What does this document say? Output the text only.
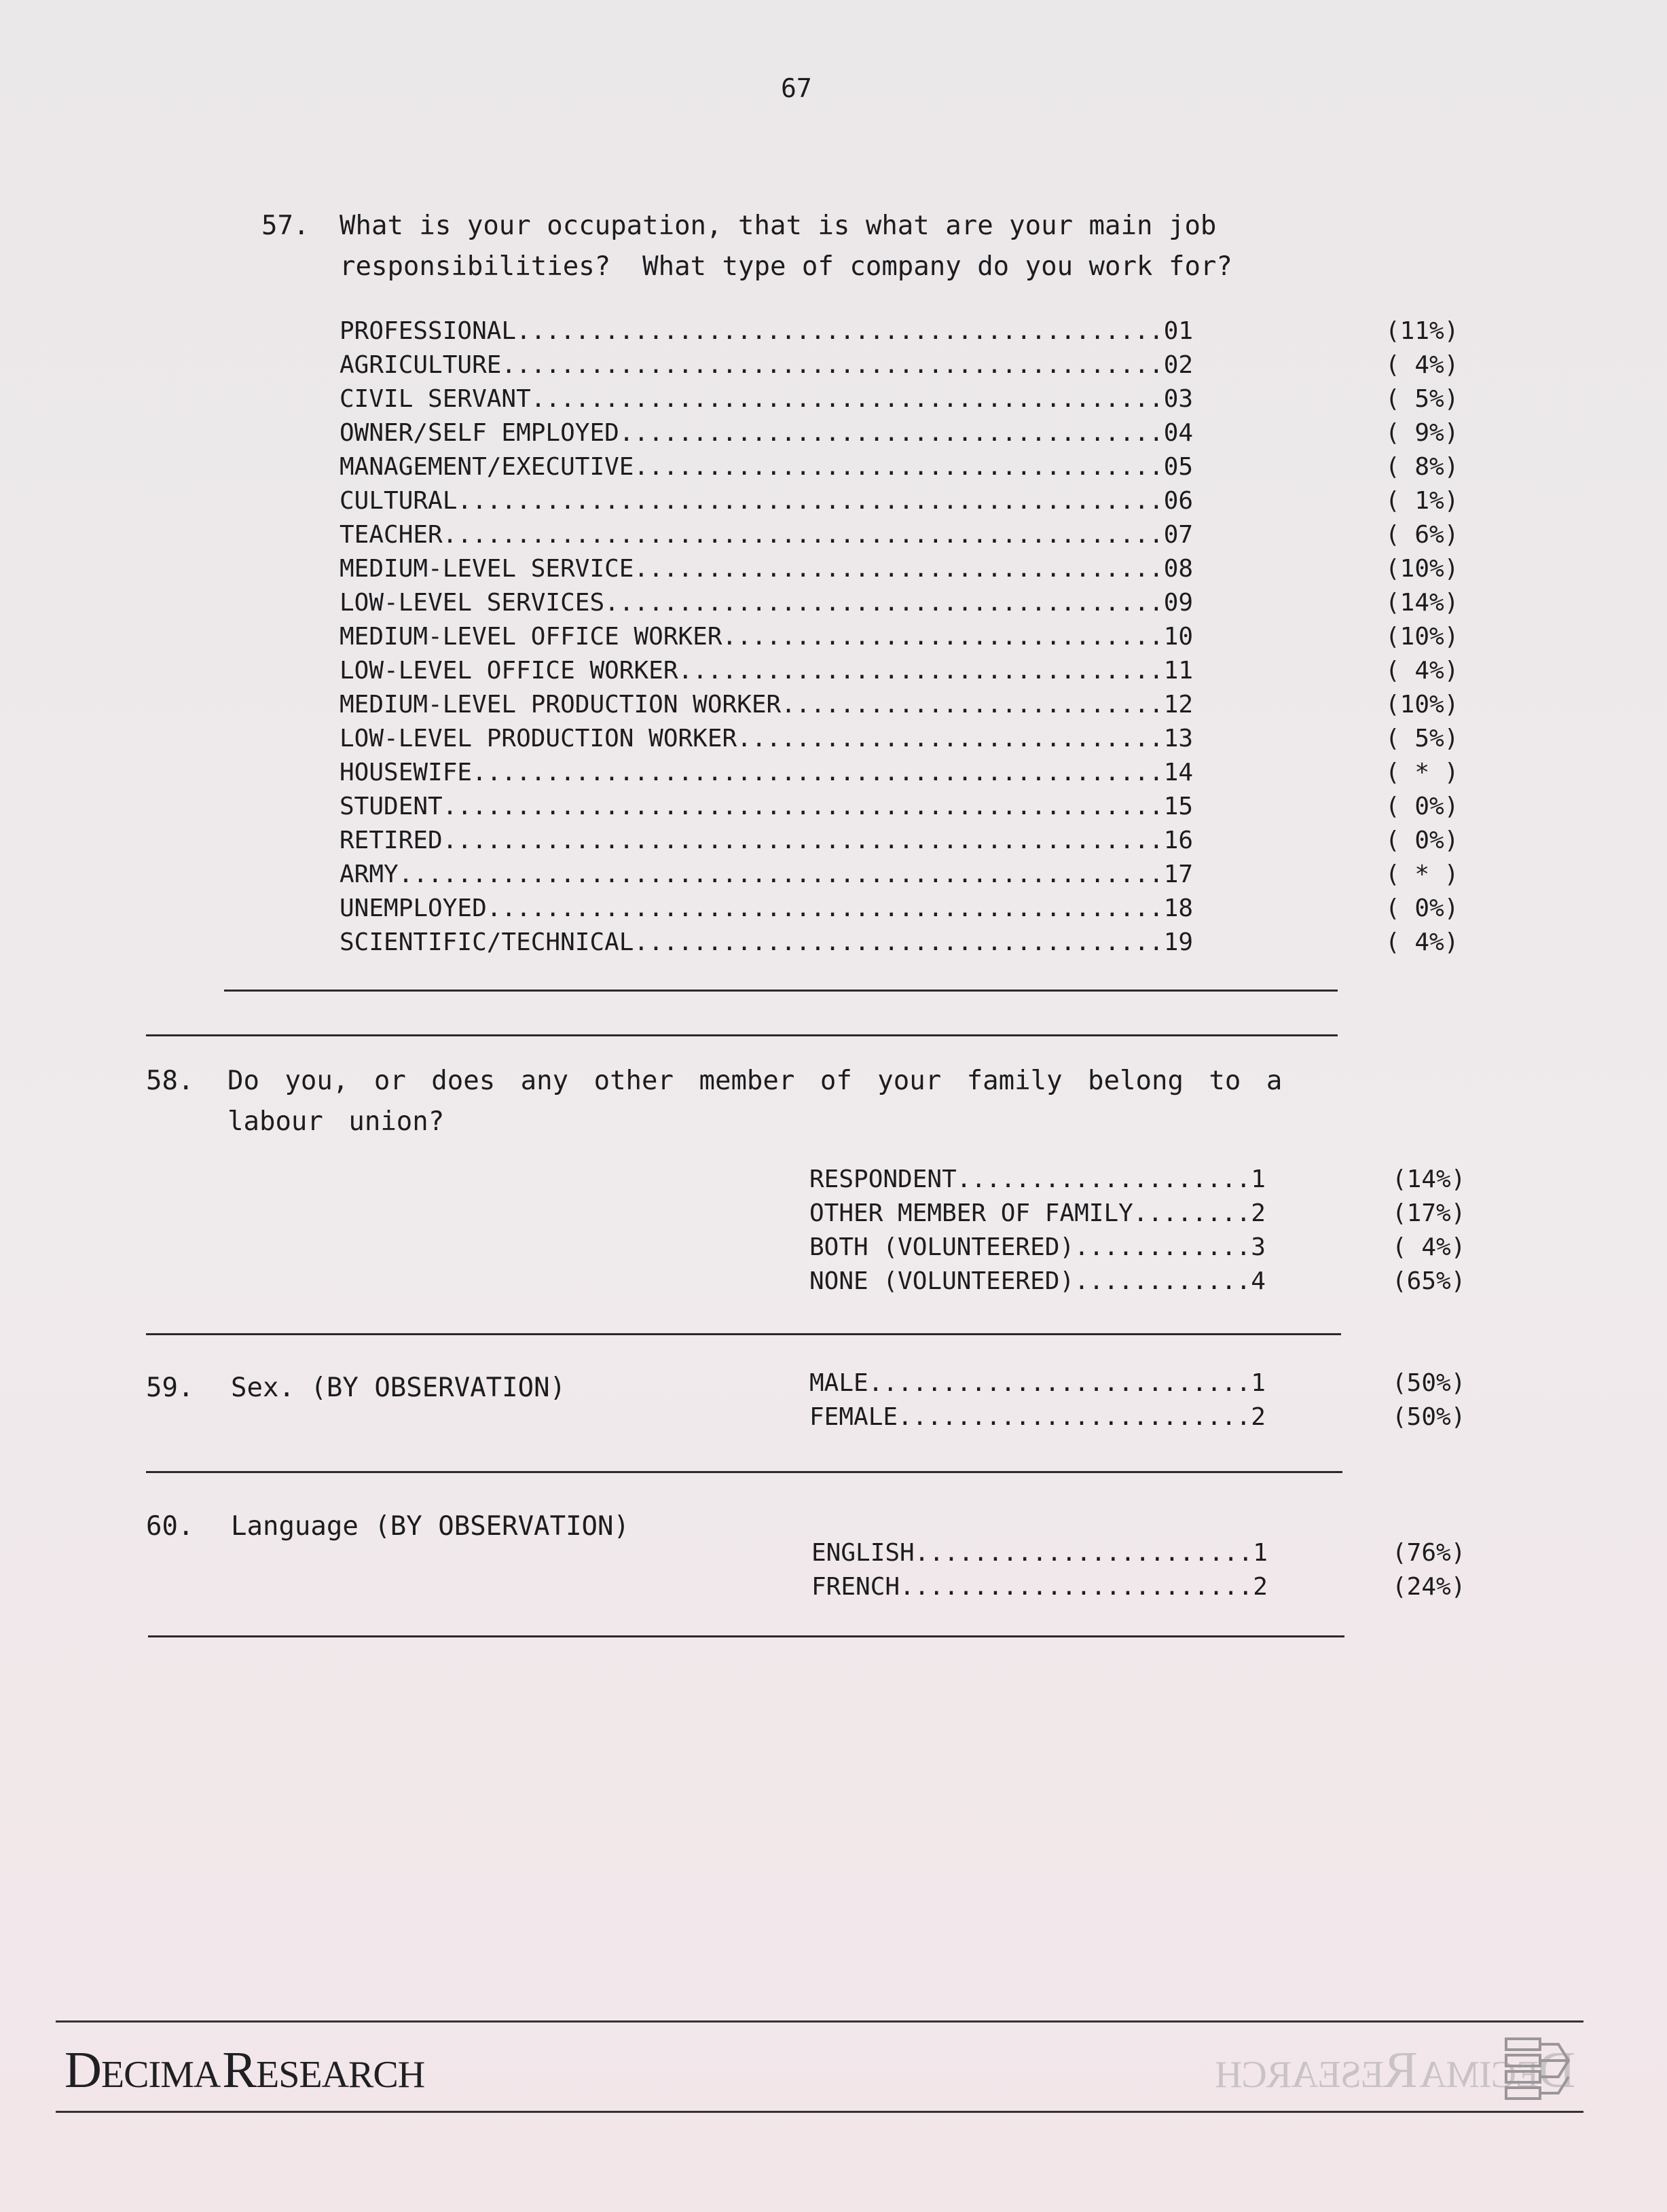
67
57. What is your occupation, that is what are your main job
responsibilities?  What type of company do you work for?
PROFESSIONAL............................................01	(11%)
AGRICULTURE.............................................02	( 4%)
CIVIL SERVANT...........................................03	( 5%)
OWNER/SELF EMPLOYED.....................................04	( 9%)
MANAGEMENT/EXECUTIVE....................................05	( 8%)
CULTURAL................................................06	( 1%)
TEACHER.................................................07	( 6%)
MEDIUM-LEVEL SERVICE....................................08	(10%)
LOW-LEVEL SERVICES......................................09	(14%)
MEDIUM-LEVEL OFFICE WORKER..............................10	(10%)
LOW-LEVEL OFFICE WORKER.................................11	( 4%)
MEDIUM-LEVEL PRODUCTION WORKER..........................12	(10%)
LOW-LEVEL PRODUCTION WORKER.............................13	( 5%)
HOUSEWIFE...............................................14	( * )
STUDENT.................................................15	( 0%)
RETIRED.................................................16	( 0%)
ARMY....................................................17	( * )
UNEMPLOYED..............................................18	( 0%)
SCIENTIFIC/TECHNICAL....................................19	( 4%)
58. Do you, or does any other member of your family belong to a
labour union?
RESPONDENT....................1	(14%)
OTHER MEMBER OF FAMILY........2	(17%)
BOTH (VOLUNTEERED)............3	( 4%)
NONE (VOLUNTEERED)............4	(65%)
59. Sex. (BY OBSERVATION)	MALE..........................1	(50%)
FEMALE........................2	(50%)
60. Language (BY OBSERVATION)
ENGLISH.......................1	(76%)
FRENCH........................2	(24%)
DECIMA RESEARCH	DECIMA RESEARCH
